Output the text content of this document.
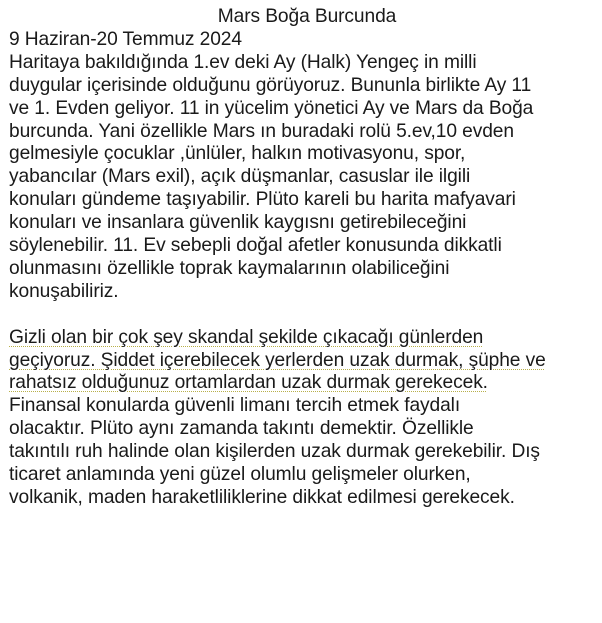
Mars Boğa Burcunda
9 Haziran-20 Temmuz 2024
Haritaya bakıldığında 1.ev deki Ay (Halk) Yengeç in milli
duygular içerisinde olduğunu görüyoruz. Bununla birlikte Ay 11
ve 1. Evden geliyor. 11 in yücelim yönetici Ay ve Mars da Boğa
burcunda. Yani özellikle Mars ın buradaki rolü 5.ev,10 evden
gelmesiyle çocuklar ,ünlüler, halkın motivasyonu, spor,
yabancılar (Mars exil), açık düşmanlar, casuslar ile ilgili
konuları gündeme taşıyabilir. Plüto kareli bu harita mafyavari
konuları ve insanlara güvenlik kaygısnı getirebileceğini
söylenebilir. 11. Ev sebepli doğal afetler konusunda dikkatli
olunmasını özellikle toprak kaymalarının olabiliceğini
konuşabiliriz.
Gizli olan bir çok şey skandal şekilde çıkacağı günlerden
geçiyoruz. Şiddet içerebilecek yerlerden uzak durmak, şüphe ve
rahatsız olduğunuz ortamlardan uzak durmak gerekecek.
Finansal konularda güvenli limanı tercih etmek faydalı
olacaktır. Plüto aynı zamanda takıntı demektir. Özellikle
takıntılı ruh halinde olan kişilerden uzak durmak gerekebilir. Dış
ticaret anlamında yeni güzel olumlu gelişmeler olurken,
volkanik, maden haraketliliklerine dikkat edilmesi gerekecek.
